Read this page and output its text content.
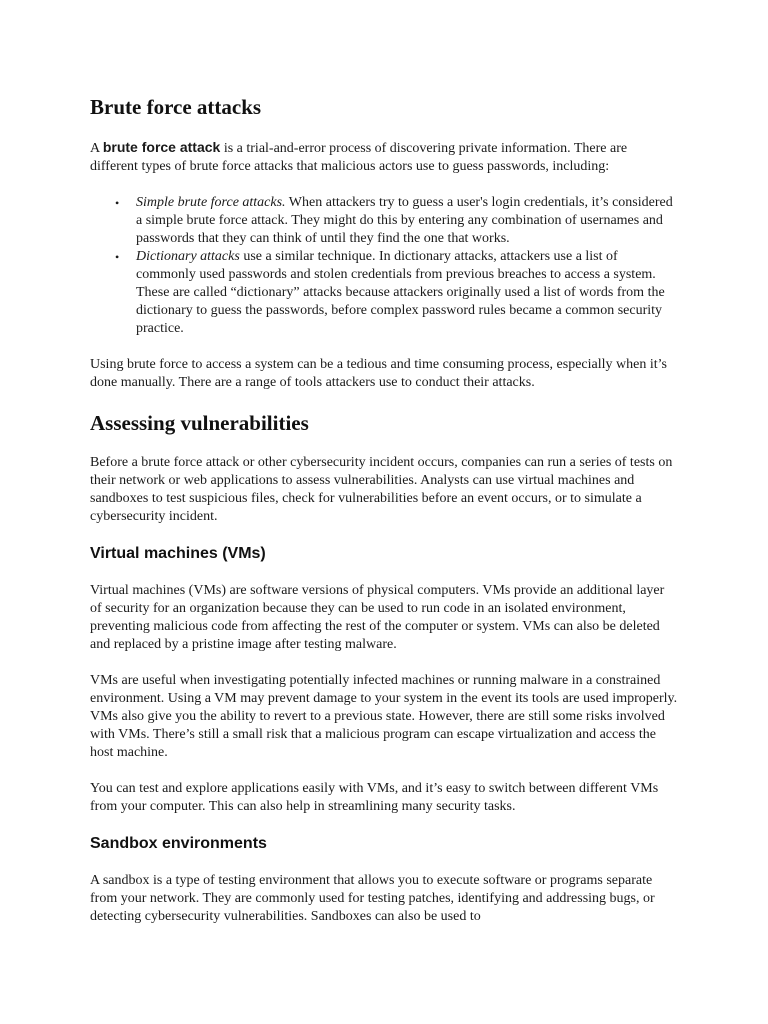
Brute force attacks

A brute force attack is a trial-and-error process of discovering private information. There are different types of brute force attacks that malicious actors use to guess passwords, including:

• Simple brute force attacks. When attackers try to guess a user's login credentials, it’s considered a simple brute force attack. They might do this by entering any combination of usernames and passwords that they can think of until they find the one that works.
• Dictionary attacks use a similar technique. In dictionary attacks, attackers use a list of commonly used passwords and stolen credentials from previous breaches to access a system. These are called “dictionary” attacks because attackers originally used a list of words from the dictionary to guess the passwords, before complex password rules became a common security practice.

Using brute force to access a system can be a tedious and time consuming process, especially when it’s done manually. There are a range of tools attackers use to conduct their attacks.

Assessing vulnerabilities

Before a brute force attack or other cybersecurity incident occurs, companies can run a series of tests on their network or web applications to assess vulnerabilities. Analysts can use virtual machines and sandboxes to test suspicious files, check for vulnerabilities before an event occurs, or to simulate a cybersecurity incident.

Virtual machines (VMs)

Virtual machines (VMs) are software versions of physical computers. VMs provide an additional layer of security for an organization because they can be used to run code in an isolated environment, preventing malicious code from affecting the rest of the computer or system. VMs can also be deleted and replaced by a pristine image after testing malware.

VMs are useful when investigating potentially infected machines or running malware in a constrained environment. Using a VM may prevent damage to your system in the event its tools are used improperly. VMs also give you the ability to revert to a previous state. However, there are still some risks involved with VMs. There’s still a small risk that a malicious program can escape virtualization and access the host machine.

You can test and explore applications easily with VMs, and it’s easy to switch between different VMs from your computer. This can also help in streamlining many security tasks.

Sandbox environments

A sandbox is a type of testing environment that allows you to execute software or programs separate from your network. They are commonly used for testing patches, identifying and addressing bugs, or detecting cybersecurity vulnerabilities. Sandboxes can also be used to
